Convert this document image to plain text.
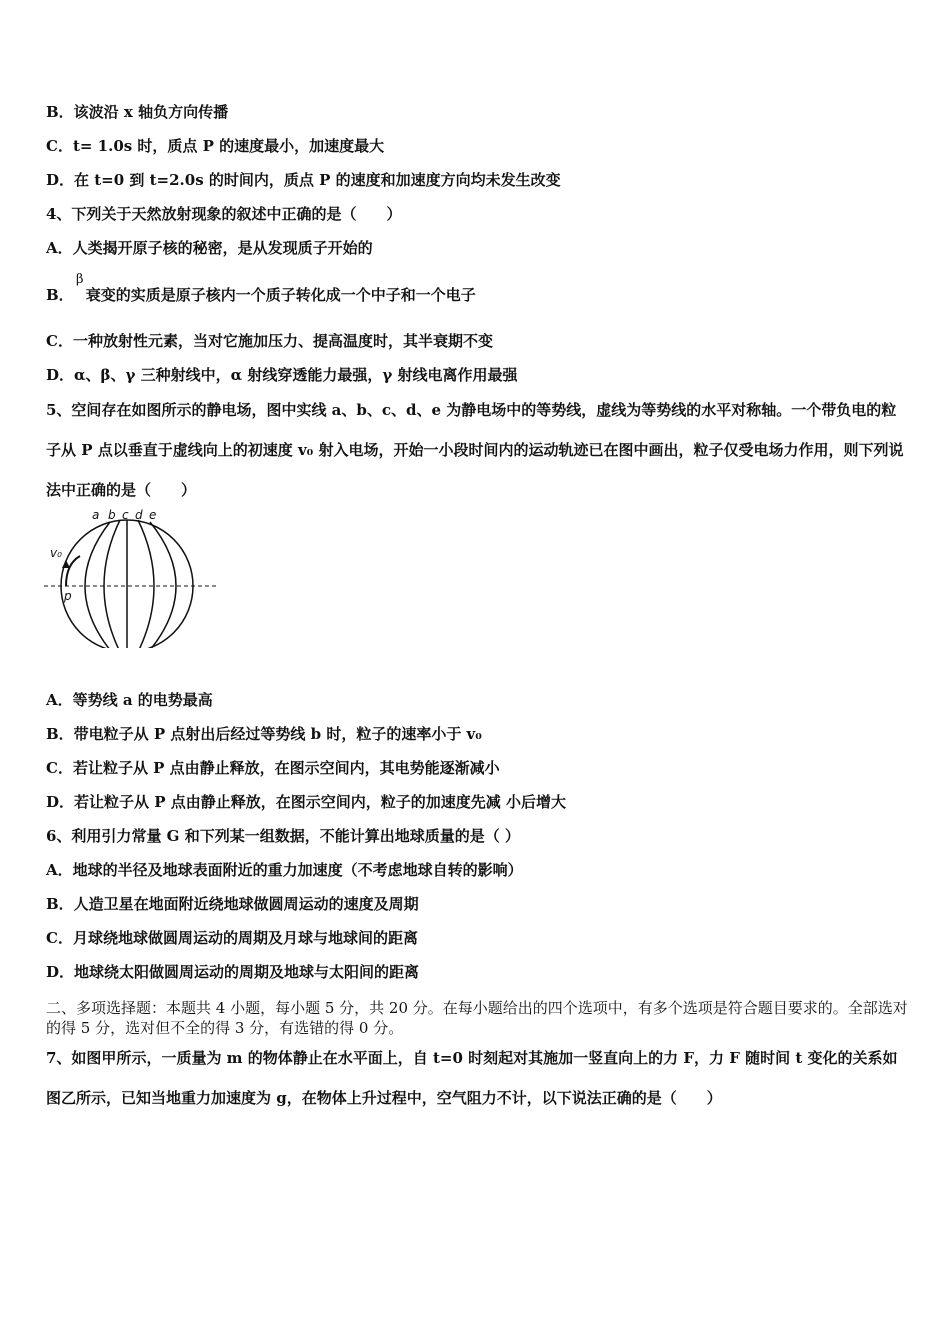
B．该波沿 x 轴负方向传播
C．t= 1.0s 时，质点 P 的速度最小，加速度最大
D．在 t=0 到 t=2.0s 的时间内，质点 P 的速度和加速度方向均未发生改变
4、下列关于天然放射现象的叙述中正确的是（　　）
A．人类揭开原子核的秘密，是从发现质子开始的
B． 衰变的实质是原子核内一个质子转化成一个中子和一个电子
β
C．一种放射性元素，当对它施加压力、提高温度时，其半衰期不变
D．α、β、γ 三种射线中，α 射线穿透能力最强，γ 射线电离作用最强
5、空间存在如图所示的静电场，图中实线 a、b、c、d、e 为静电场中的等势线，虚线为等势线的水平对称轴。一个带负电的粒子从 P 点以垂直于虚线向上的初速度 v₀ 射入电场，开始一小段时间内的运动轨迹已在图中画出，粒子仅受电场力作用，则下列说法中正确的是（　　）
a b c d e
v₀
p
A．等势线 a 的电势最高
B．带电粒子从 P 点射出后经过等势线 b 时，粒子的速率小于 v₀
C．若让粒子从 P 点由静止释放，在图示空间内，其电势能逐渐减小
D．若让粒子从 P 点由静止释放，在图示空间内，粒子的加速度先减 小后增大
6、利用引力常量 G 和下列某一组数据，不能计算出地球质量的是（ ）
A．地球的半径及地球表面附近的重力加速度（不考虑地球自转的影响）
B．人造卫星在地面附近绕地球做圆周运动的速度及周期
C．月球绕地球做圆周运动的周期及月球与地球间的距离
D．地球绕太阳做圆周运动的周期及地球与太阳间的距离
二、多项选择题：本题共 4 小题，每小题 5 分，共 20 分。在每小题给出的四个选项中，有多个选项是符合题目要求的。全部选对的得 5 分，选对但不全的得 3 分，有选错的得 0 分。
7、如图甲所示，一质量为 m 的物体静止在水平面上，自 t=0 时刻起对其施加一竖直向上的力 F，力 F 随时间 t 变化的关系如图乙所示，已知当地重力加速度为 g，在物体上升过程中，空气阻力不计，以下说法正确的是（　　）
